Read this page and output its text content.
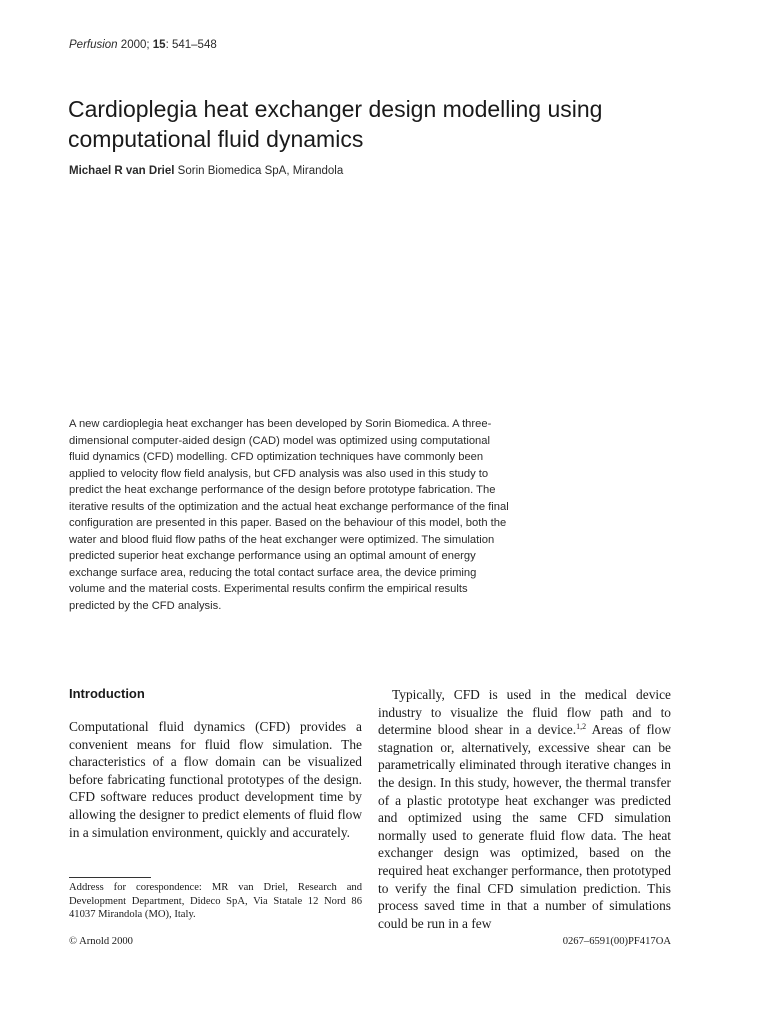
Perfusion 2000; 15: 541–548
Cardioplegia heat exchanger design modelling using computational fluid dynamics
Michael R van Driel Sorin Biomedica SpA, Mirandola

A new cardioplegia heat exchanger has been developed by Sorin Biomedica. A three-dimensional computer-aided design (CAD) model was optimized using computational fluid dynamics (CFD) modelling. CFD optimization techniques have commonly been applied to velocity flow field analysis, but CFD analysis was also used in this study to predict the heat exchange performance of the design before prototype fabrication. The iterative results of the optimization and the actual heat exchange performance of the final configuration are presented in this paper. Based on the behaviour of this model, both the water and blood fluid flow paths of the heat exchanger were optimized. The simulation predicted superior heat exchange performance using an optimal amount of energy exchange surface area, reducing the total contact surface area, the device priming volume and the material costs. Experimental results confirm the empirical results predicted by the CFD analysis.

Introduction

Computational fluid dynamics (CFD) provides a convenient means for fluid flow simulation. The characteristics of a flow domain can be visualized before fabricating functional prototypes of the design. CFD software reduces product development time by allowing the designer to predict elements of fluid flow in a simulation environment, quickly and accurately.

Typically, CFD is used in the medical device industry to visualize the fluid flow path and to determine blood shear in a device.$^{1,2}$ Areas of flow stagnation or, alternatively, excessive shear can be parametrically eliminated through iterative changes in the design. In this study, however, the thermal transfer of a plastic prototype heat exchanger was predicted and optimized using the same CFD simulation normally used to generate fluid flow data. The heat exchanger design was optimized, based on the required heat exchanger performance, then prototyped to verify the final CFD simulation prediction. This process saved time in that a number of simulations could be run in a few

Address for corespondence: MR van Driel, Research and Development Department, Dideco SpA, Via Statale 12 Nord 86 41037 Mirandola (MO), Italy.

© Arnold 2000	0267–6591(00)PF417OA
